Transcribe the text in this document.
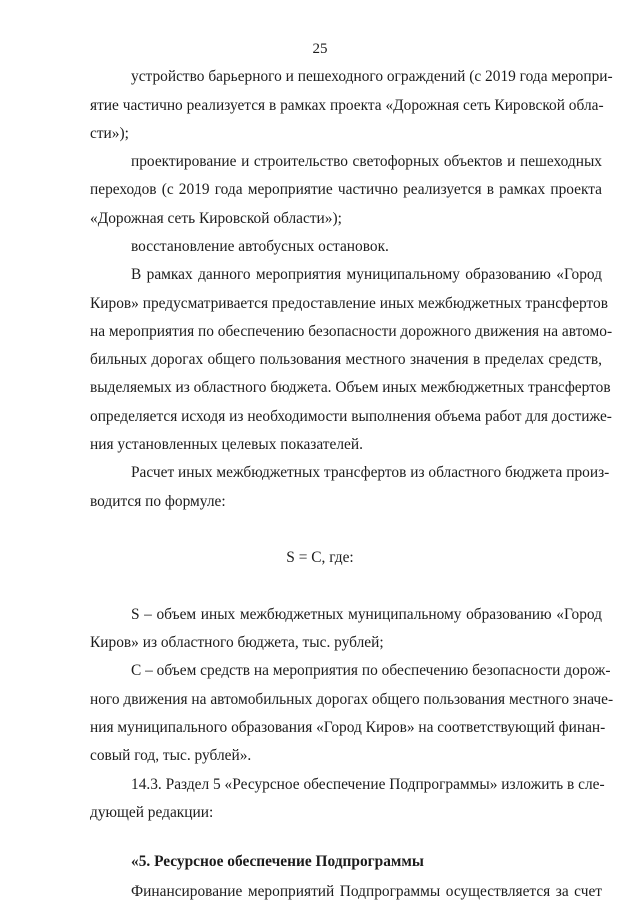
25
устройство барьерного и пешеходного ограждений (с 2019 года меропри-
ятие частично реализуется в рамках проекта «Дорожная сеть Кировской обла-
сти»);
проектирование и строительство светофорных объектов и пешеходных
переходов (с 2019 года мероприятие частично реализуется в рамках проекта
«Дорожная сеть Кировской области»);
восстановление автобусных остановок.
В рамках данного мероприятия муниципальному образованию «Город
Киров» предусматривается предоставление иных межбюджетных трансфертов
на мероприятия по обеспечению безопасности дорожного движения на автомо-
бильных дорогах общего пользования местного значения в пределах средств,
выделяемых из областного бюджета. Объем иных межбюджетных трансфертов
определяется исходя из необходимости выполнения объема работ для достиже-
ния установленных целевых показателей.
Расчет иных межбюджетных трансфертов из областного бюджета произ-
водится по формуле:
S = C, где:
S – объем иных межбюджетных муниципальному образованию «Город
Киров» из областного бюджета, тыс. рублей;
C – объем средств на мероприятия по обеспечению безопасности дорож-
ного движения на автомобильных дорогах общего пользования местного значе-
ния муниципального образования «Город Киров» на соответствующий финан-
совый год, тыс. рублей».
14.3. Раздел 5 «Ресурсное обеспечение Подпрограммы» изложить в сле-
дующей редакции:
«5. Ресурсное обеспечение Подпрограммы
Финансирование мероприятий Подпрограммы осуществляется за счет
